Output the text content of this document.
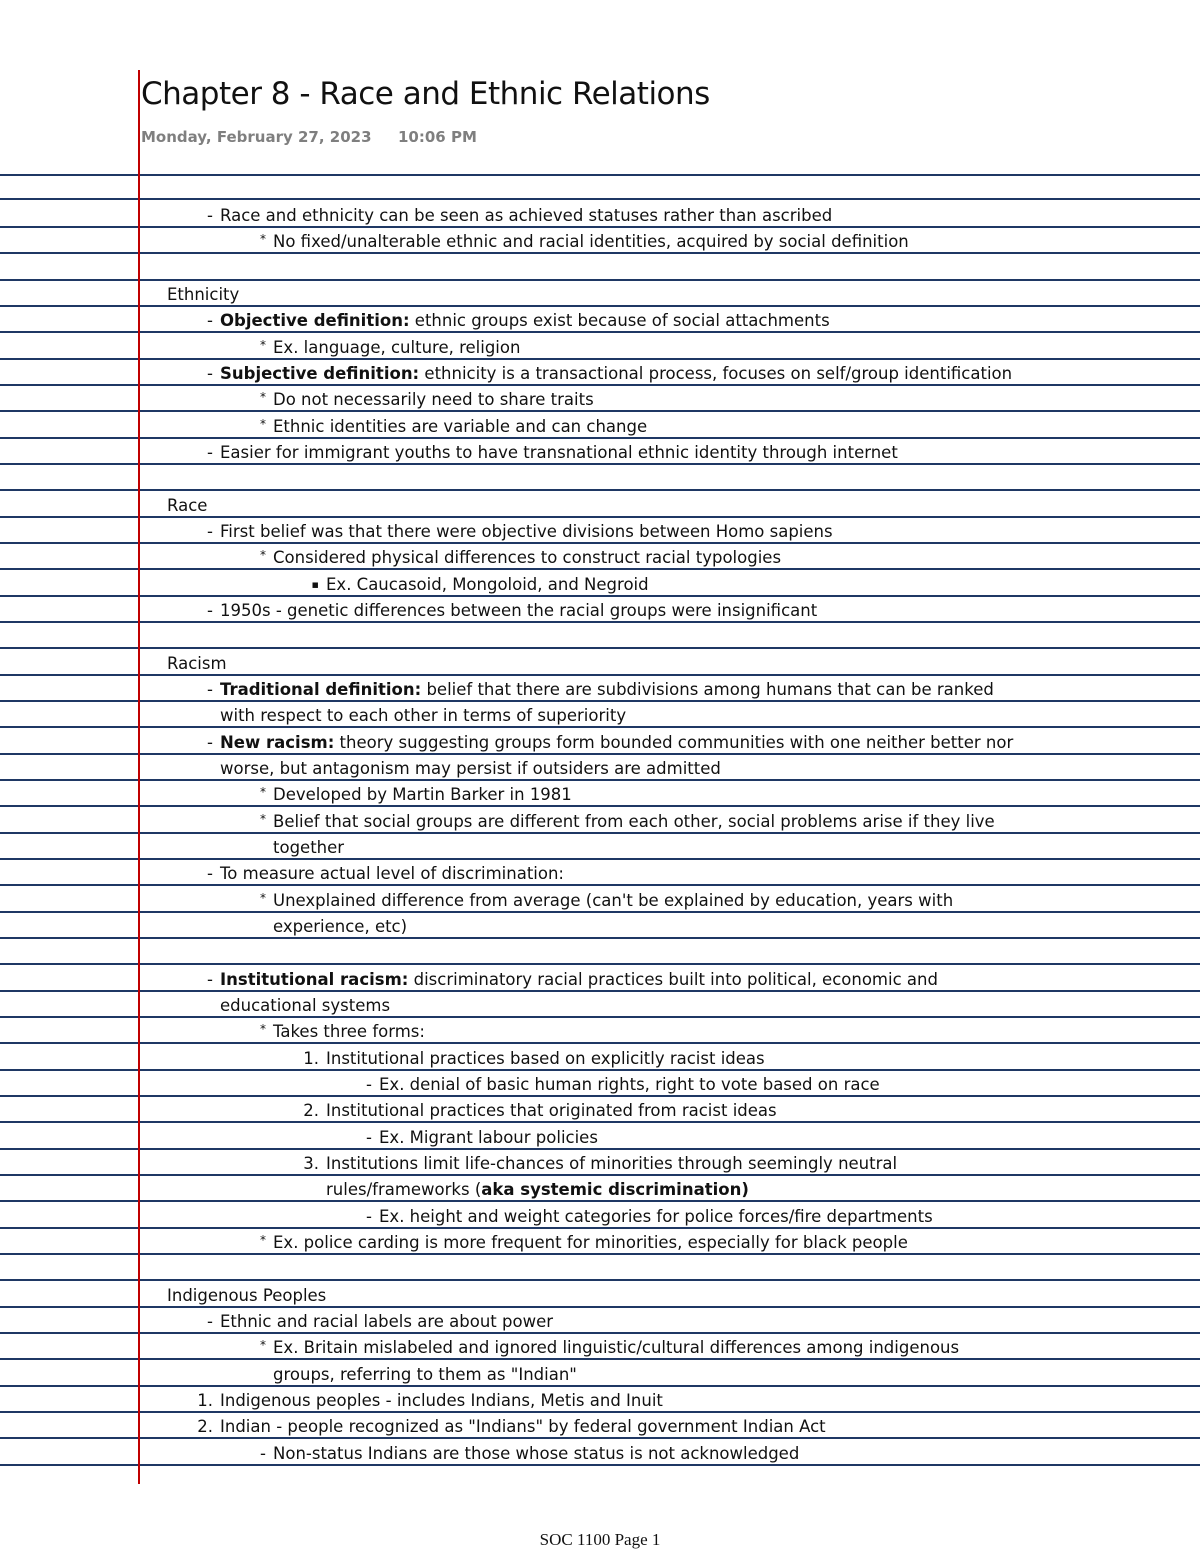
Chapter 8 - Race and Ethnic Relations
Monday, February 27, 2023 10:06 PM
- Race and ethnicity can be seen as achieved statuses rather than ascribed
* No fixed/unalterable ethnic and racial identities, acquired by social definition
Ethnicity
- Objective definition: ethnic groups exist because of social attachments
* Ex. language, culture, religion
- Subjective definition: ethnicity is a transactional process, focuses on self/group identification
* Do not necessarily need to share traits
* Ethnic identities are variable and can change
- Easier for immigrant youths to have transnational ethnic identity through internet
Race
- First belief was that there were objective divisions between Homo sapiens
* Considered physical differences to construct racial typologies
▪ Ex. Caucasoid, Mongoloid, and Negroid
- 1950s - genetic differences between the racial groups were insignificant
Racism
- Traditional definition: belief that there are subdivisions among humans that can be ranked
with respect to each other in terms of superiority
- New racism: theory suggesting groups form bounded communities with one neither better nor
worse, but antagonism may persist if outsiders are admitted
* Developed by Martin Barker in 1981
* Belief that social groups are different from each other, social problems arise if they live
together
- To measure actual level of discrimination:
* Unexplained difference from average (can't be explained by education, years with
experience, etc)
- Institutional racism: discriminatory racial practices built into political, economic and
educational systems
* Takes three forms:
1. Institutional practices based on explicitly racist ideas
- Ex. denial of basic human rights, right to vote based on race
2. Institutional practices that originated from racist ideas
- Ex. Migrant labour policies
3. Institutions limit life-chances of minorities through seemingly neutral
rules/frameworks (aka systemic discrimination)
- Ex. height and weight categories for police forces/fire departments
* Ex. police carding is more frequent for minorities, especially for black people
Indigenous Peoples
- Ethnic and racial labels are about power
* Ex. Britain mislabeled and ignored linguistic/cultural differences among indigenous
groups, referring to them as "Indian"
1. Indigenous peoples - includes Indians, Metis and Inuit
2. Indian - people recognized as "Indians" by federal government Indian Act
- Non-status Indians are those whose status is not acknowledged
SOC 1100 Page 1
